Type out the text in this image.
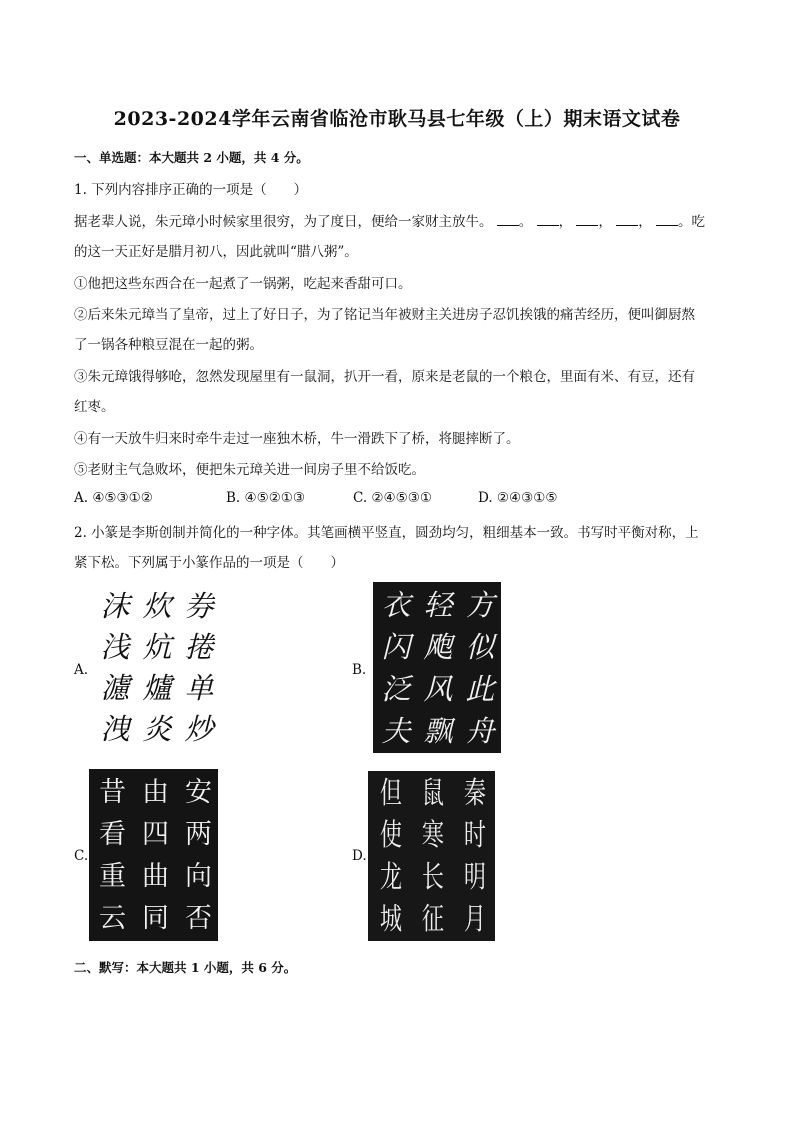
2023-2024学年云南省临沧市耿马县七年级（上）期末语文试卷
一、单选题：本大题共 2 小题，共 4 分。
1. 下列内容排序正确的一项是（　　）
据老辈人说，朱元璋小时候家里很穷，为了度日，便给一家财主放牛。 。 ， ， ， 。吃
的这一天正好是腊月初八，因此就叫“腊八粥”。
①他把这些东西合在一起煮了一锅粥，吃起来香甜可口。
②后来朱元璋当了皇帝，过上了好日子，为了铭记当年被财主关进房子忍饥挨饿的痛苦经历，便叫御厨熬
了一锅各种粮豆混在一起的粥。
③朱元璋饿得够呛，忽然发现屋里有一鼠洞，扒开一看，原来是老鼠的一个粮仓，里面有米、有豆，还有
红枣。
④有一天放牛归来时牵牛走过一座独木桥，牛一滑跌下了桥，将腿摔断了。
⑤老财主气急败坏，便把朱元璋关进一间房子里不给饭吃。
A. ④⑤③①②	B. ④⑤②①③	C. ②④⑤③①	D. ②④③①⑤
2. 小篆是李斯创制并简化的一种字体。其笔画横平竖直，圆劲均匀，粗细基本一致。书写时平衡对称，上
紧下松。下列属于小篆作品的一项是（　　）
A.	B.
C.	D.
沫 炊 券
浅 炕 捲
濾 爐 单
洩 炎 炒
衣 轻 方
闪 飑 似
泛 风 此
夫 飘 舟
昔 由 安
看 四 两
重 曲 向
云 同 否
但 鼠 秦
使 寒 时
龙 长 明
城 征 月
二、默写：本大题共 1 小题，共 6 分。
